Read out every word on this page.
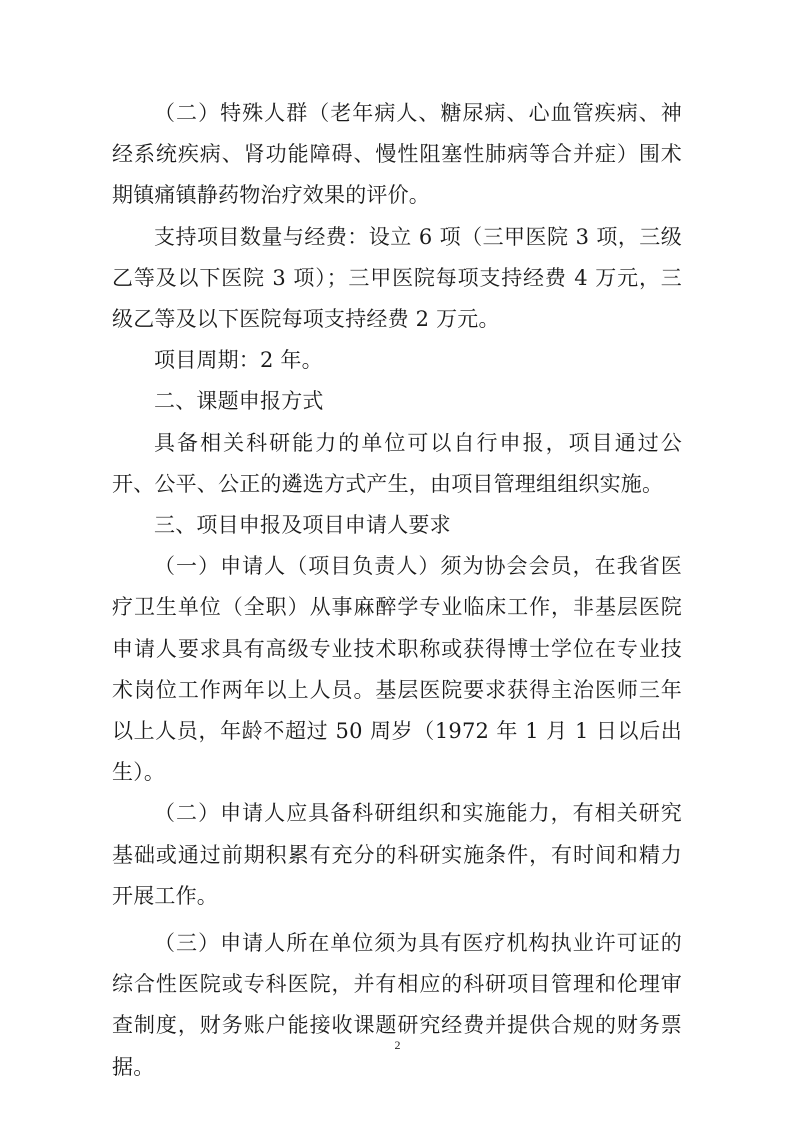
（二）特殊人群（老年病人、糖尿病、心血管疾病、神经系统疾病、肾功能障碍、慢性阻塞性肺病等合并症）围术期镇痛镇静药物治疗效果的评价。

支持项目数量与经费：设立 6 项（三甲医院 3 项，三级乙等及以下医院 3 项）；三甲医院每项支持经费 4 万元，三级乙等及以下医院每项支持经费 2 万元。

项目周期：2 年。

二、课题申报方式

具备相关科研能力的单位可以自行申报，项目通过公开、公平、公正的遴选方式产生，由项目管理组组织实施。

三、项目申报及项目申请人要求

（一）申请人（项目负责人）须为协会会员，在我省医疗卫生单位（全职）从事麻醉学专业临床工作，非基层医院申请人要求具有高级专业技术职称或获得博士学位在专业技术岗位工作两年以上人员。基层医院要求获得主治医师三年以上人员，年龄不超过 50 周岁（1972 年 1 月 1 日以后出生）。

（二）申请人应具备科研组织和实施能力，有相关研究基础或通过前期积累有充分的科研实施条件，有时间和精力开展工作。

（三）申请人所在单位须为具有医疗机构执业许可证的综合性医院或专科医院，并有相应的科研项目管理和伦理审查制度，财务账户能接收课题研究经费并提供合规的财务票据。

2
